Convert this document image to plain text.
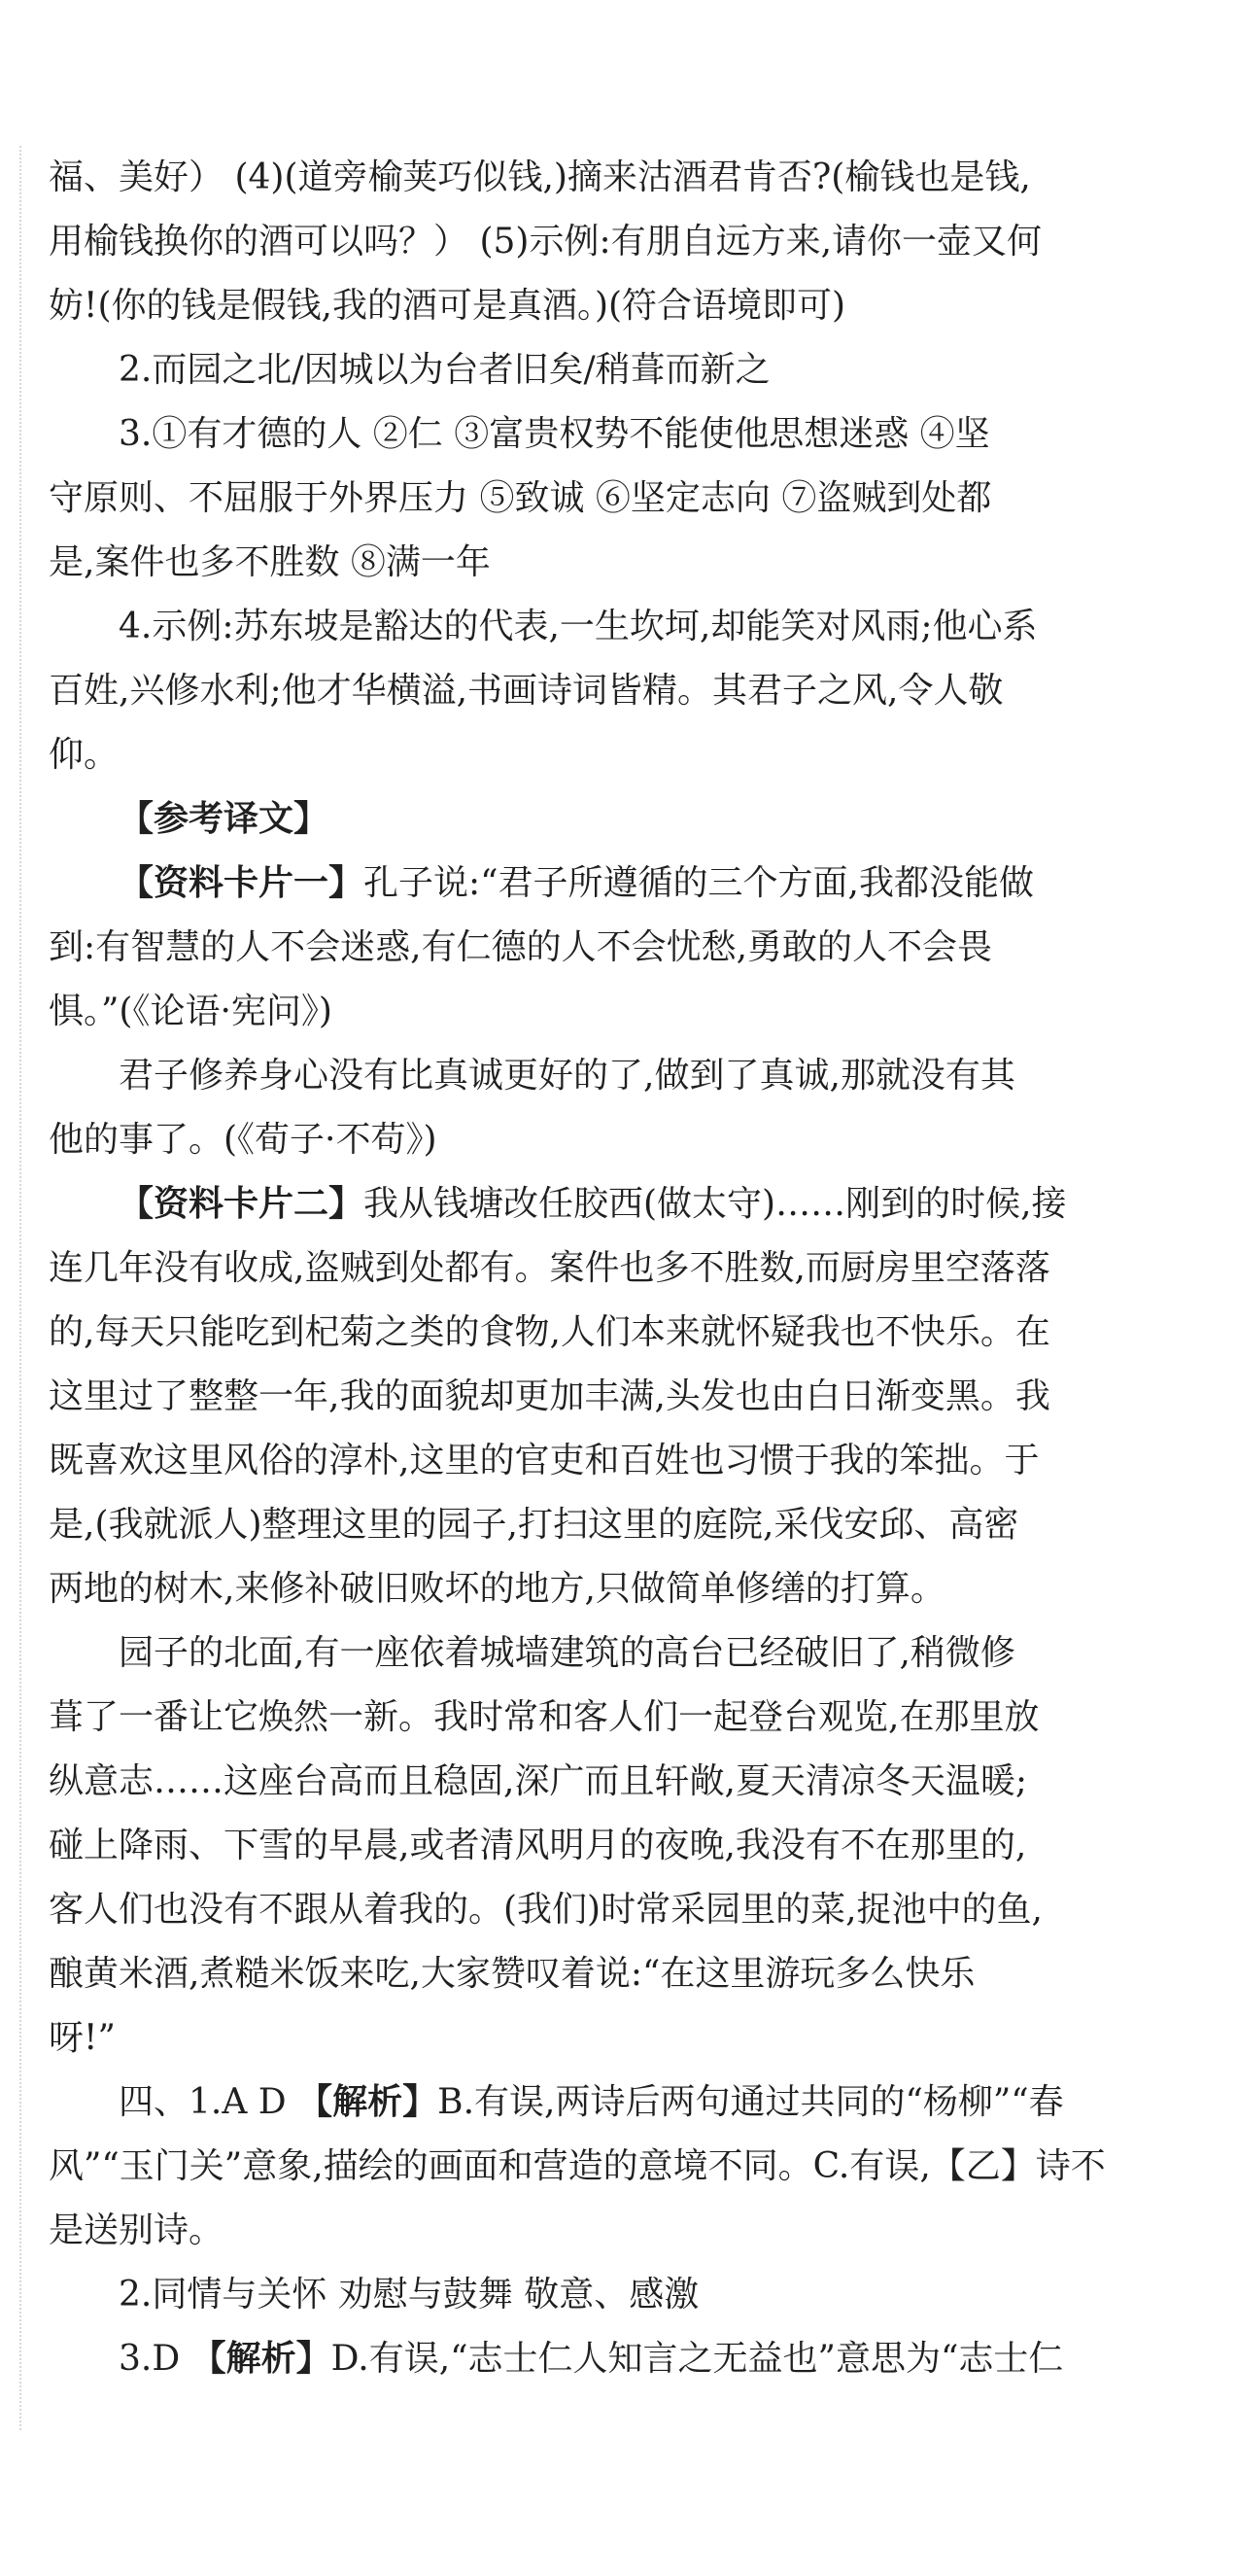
福、美好） (4)(道旁榆荚巧似钱,)摘来沽酒君肯否?(榆钱也是钱,

用榆钱换你的酒可以吗？） (5)示例:有朋自远方来,请你一壶又何

妨!(你的钱是假钱,我的酒可是真酒。)(符合语境即可)

2.而园之北/因城以为台者旧矣/稍葺而新之

3.①有才德的人 ②仁 ③富贵权势不能使他思想迷惑 ④坚

守原则、不屈服于外界压力 ⑤致诚 ⑥坚定志向 ⑦盗贼到处都

是,案件也多不胜数 ⑧满一年

4.示例:苏东坡是豁达的代表,一生坎坷,却能笑对风雨;他心系

百姓,兴修水利;他才华横溢,书画诗词皆精。其君子之风,令人敬

仰。

【参考译文】

【资料卡片一】孔子说:“君子所遵循的三个方面,我都没能做

到:有智慧的人不会迷惑,有仁德的人不会忧愁,勇敢的人不会畏

惧。”(《论语·宪问》)

君子修养身心没有比真诚更好的了,做到了真诚,那就没有其

他的事了。(《荀子·不苟》)

【资料卡片二】我从钱塘改任胶西(做太守)……刚到的时候,接

连几年没有收成,盗贼到处都有。案件也多不胜数,而厨房里空落落

的,每天只能吃到杞菊之类的食物,人们本来就怀疑我也不快乐。在

这里过了整整一年,我的面貌却更加丰满,头发也由白日渐变黑。我

既喜欢这里风俗的淳朴,这里的官吏和百姓也习惯于我的笨拙。于

是,(我就派人)整理这里的园子,打扫这里的庭院,采伐安邱、高密

两地的树木,来修补破旧败坏的地方,只做简单修缮的打算。

园子的北面,有一座依着城墙建筑的高台已经破旧了,稍微修

葺了一番让它焕然一新。我时常和客人们一起登台观览,在那里放

纵意志……这座台高而且稳固,深广而且轩敞,夏天清凉冬天温暖;

碰上降雨、下雪的早晨,或者清风明月的夜晚,我没有不在那里的,

客人们也没有不跟从着我的。(我们)时常采园里的菜,捉池中的鱼,

酿黄米酒,煮糙米饭来吃,大家赞叹着说:“在这里游玩多么快乐

呀!”

四、1.A D 【解析】B.有误,两诗后两句通过共同的“杨柳”“春

风”“玉门关”意象,描绘的画面和营造的意境不同。C.有误,【乙】诗不

是送别诗。

2.同情与关怀 劝慰与鼓舞 敬意、感激

3.D 【解析】D.有误,“志士仁人知言之无益也”意思为“志士仁
